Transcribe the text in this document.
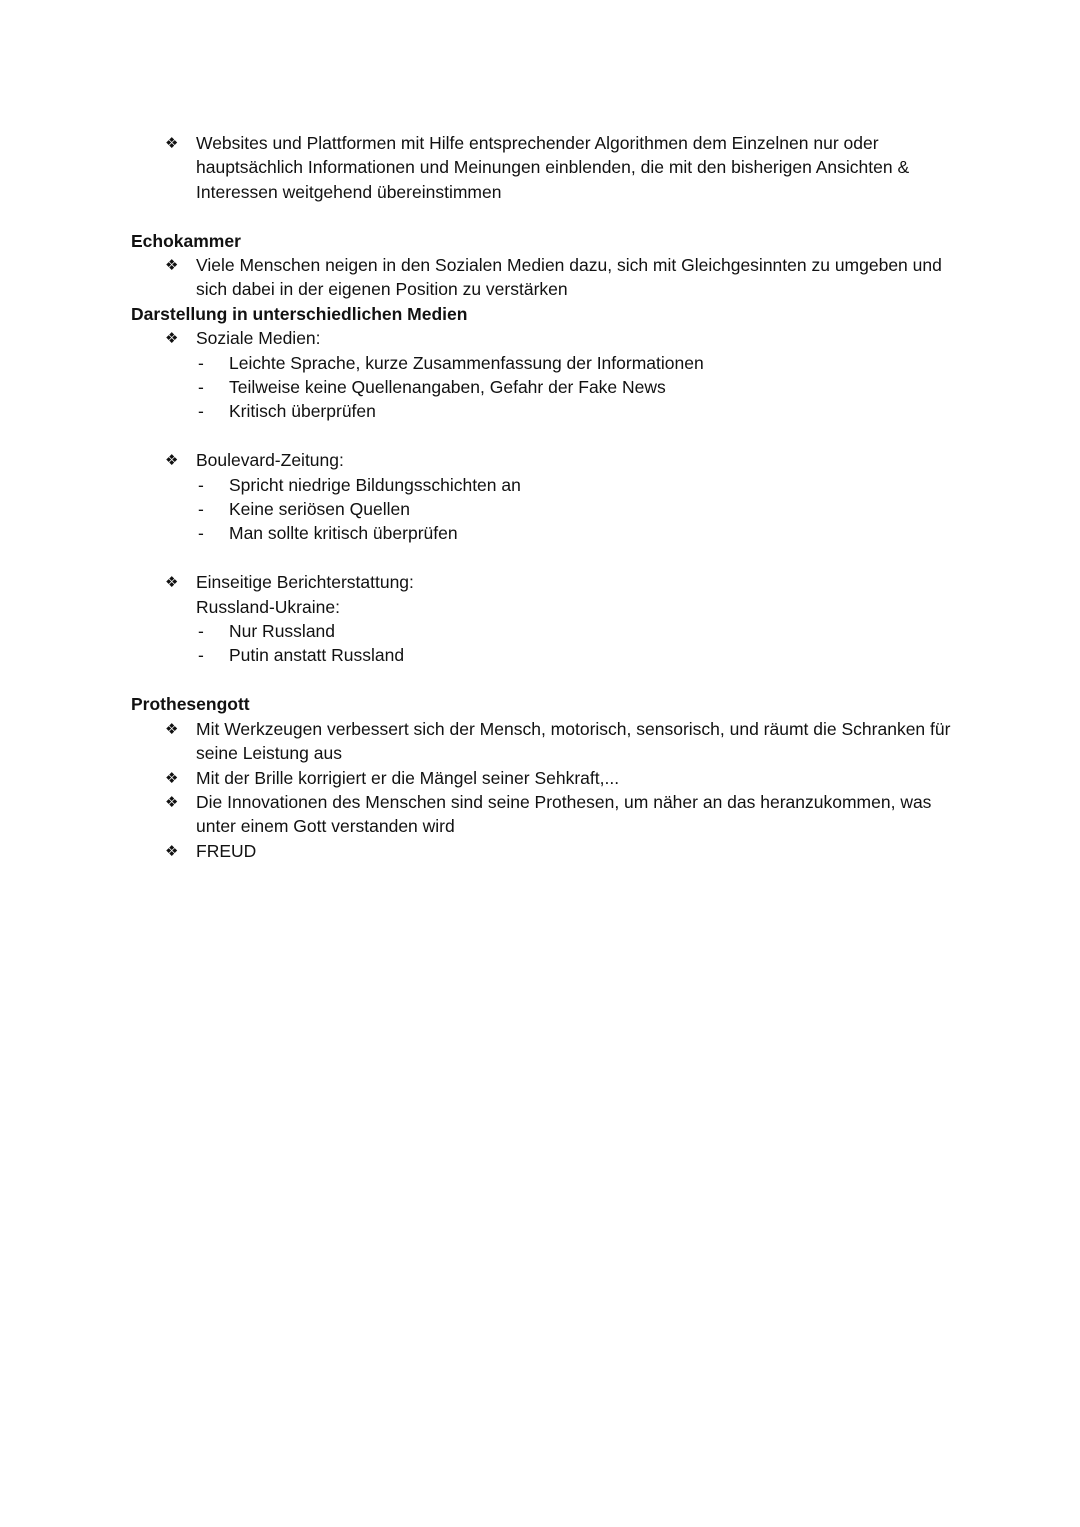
❖ Websites und Plattformen mit Hilfe entsprechender Algorithmen dem Einzelnen nur oder hauptsächlich Informationen und Meinungen einblenden, die mit den bisherigen Ansichten & Interessen weitgehend übereinstimmen

Echokammer

❖ Viele Menschen neigen in den Sozialen Medien dazu, sich mit Gleichgesinnten zu umgeben und sich dabei in der eigenen Position zu verstärken

Darstellung in unterschiedlichen Medien

❖ Soziale Medien:
- Leichte Sprache, kurze Zusammenfassung der Informationen
- Teilweise keine Quellenangaben, Gefahr der Fake News
- Kritisch überprüfen
❖ Boulevard-Zeitung:
- Spricht niedrige Bildungsschichten an
- Keine seriösen Quellen
- Man sollte kritisch überprüfen
❖ Einseitige Berichterstattung:

Russland-Ukraine:

- Nur Russland
- Putin anstatt Russland

Prothesengott

❖ Mit Werkzeugen verbessert sich der Mensch, motorisch, sensorisch, und räumt die Schranken für seine Leistung aus
❖ Mit der Brille korrigiert er die Mängel seiner Sehkraft,...
❖ Die Innovationen des Menschen sind seine Prothesen, um näher an das heranzukommen, was unter einem Gott verstanden wird
❖ FREUD
